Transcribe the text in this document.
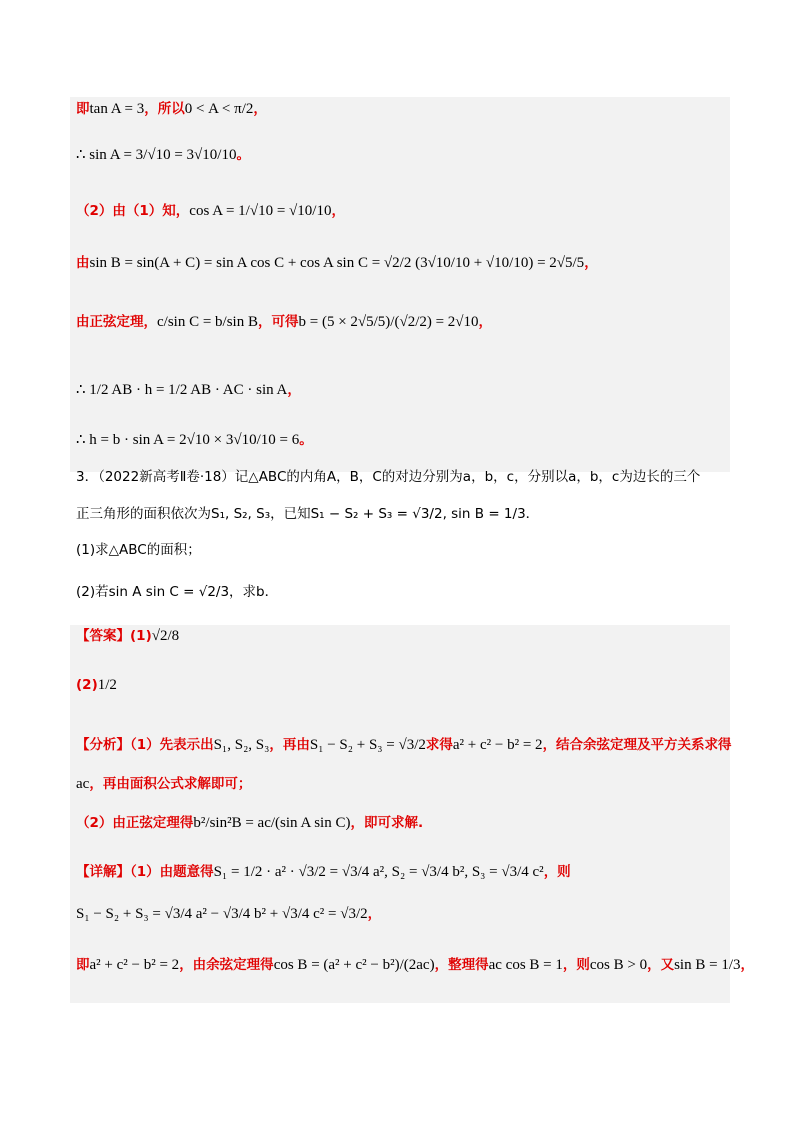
即tan A = 3，所以0 < A < π/2，
∴ sin A = 3/√10 = 3√10/10。
（2）由（1）知，cos A = 1/√10 = √10/10，
由sin B = sin(A + C) = sin A cos C + cos A sin C = √2/2 (3√10/10 + √10/10) = 2√5/5，
由正弦定理，c/sin C = b/sin B，可得b = (5 × 2√5/5)/(√2/2) = 2√10，
∴ 1/2 AB · h = 1/2 AB · AC · sin A，
∴ h = b · sin A = 2√10 × 3√10/10 = 6。
3．（2022新高考Ⅱ卷·18）记△ABC的内角A，B，C的对边分别为a，b，c，分别以a，b，c为边长的三个
正三角形的面积依次为S₁, S₂, S₃，已知S₁ − S₂ + S₃ = √3/2, sin B = 1/3．
(1)求△ABC的面积；
(2)若sin A sin C = √2/3，求b．
【答案】(1)√2/8
(2)1/2
【分析】（1）先表示出S₁, S₂, S₃，再由S₁ − S₂ + S₃ = √3/2求得a² + c² − b² = 2，结合余弦定理及平方关系求得
ac，再由面积公式求解即可；
（2）由正弦定理得b²/sin²B = ac/(sin A sin C)，即可求解.
【详解】（1）由题意得S₁ = 1/2 · a² · √3/2 = √3/4 a², S₂ = √3/4 b², S₃ = √3/4 c²，则
S₁ − S₂ + S₃ = √3/4 a² − √3/4 b² + √3/4 c² = √3/2，
即a² + c² − b² = 2，由余弦定理得cos B = (a² + c² − b²)/(2ac)，整理得ac cos B = 1，则cos B > 0，又sin B = 1/3，
